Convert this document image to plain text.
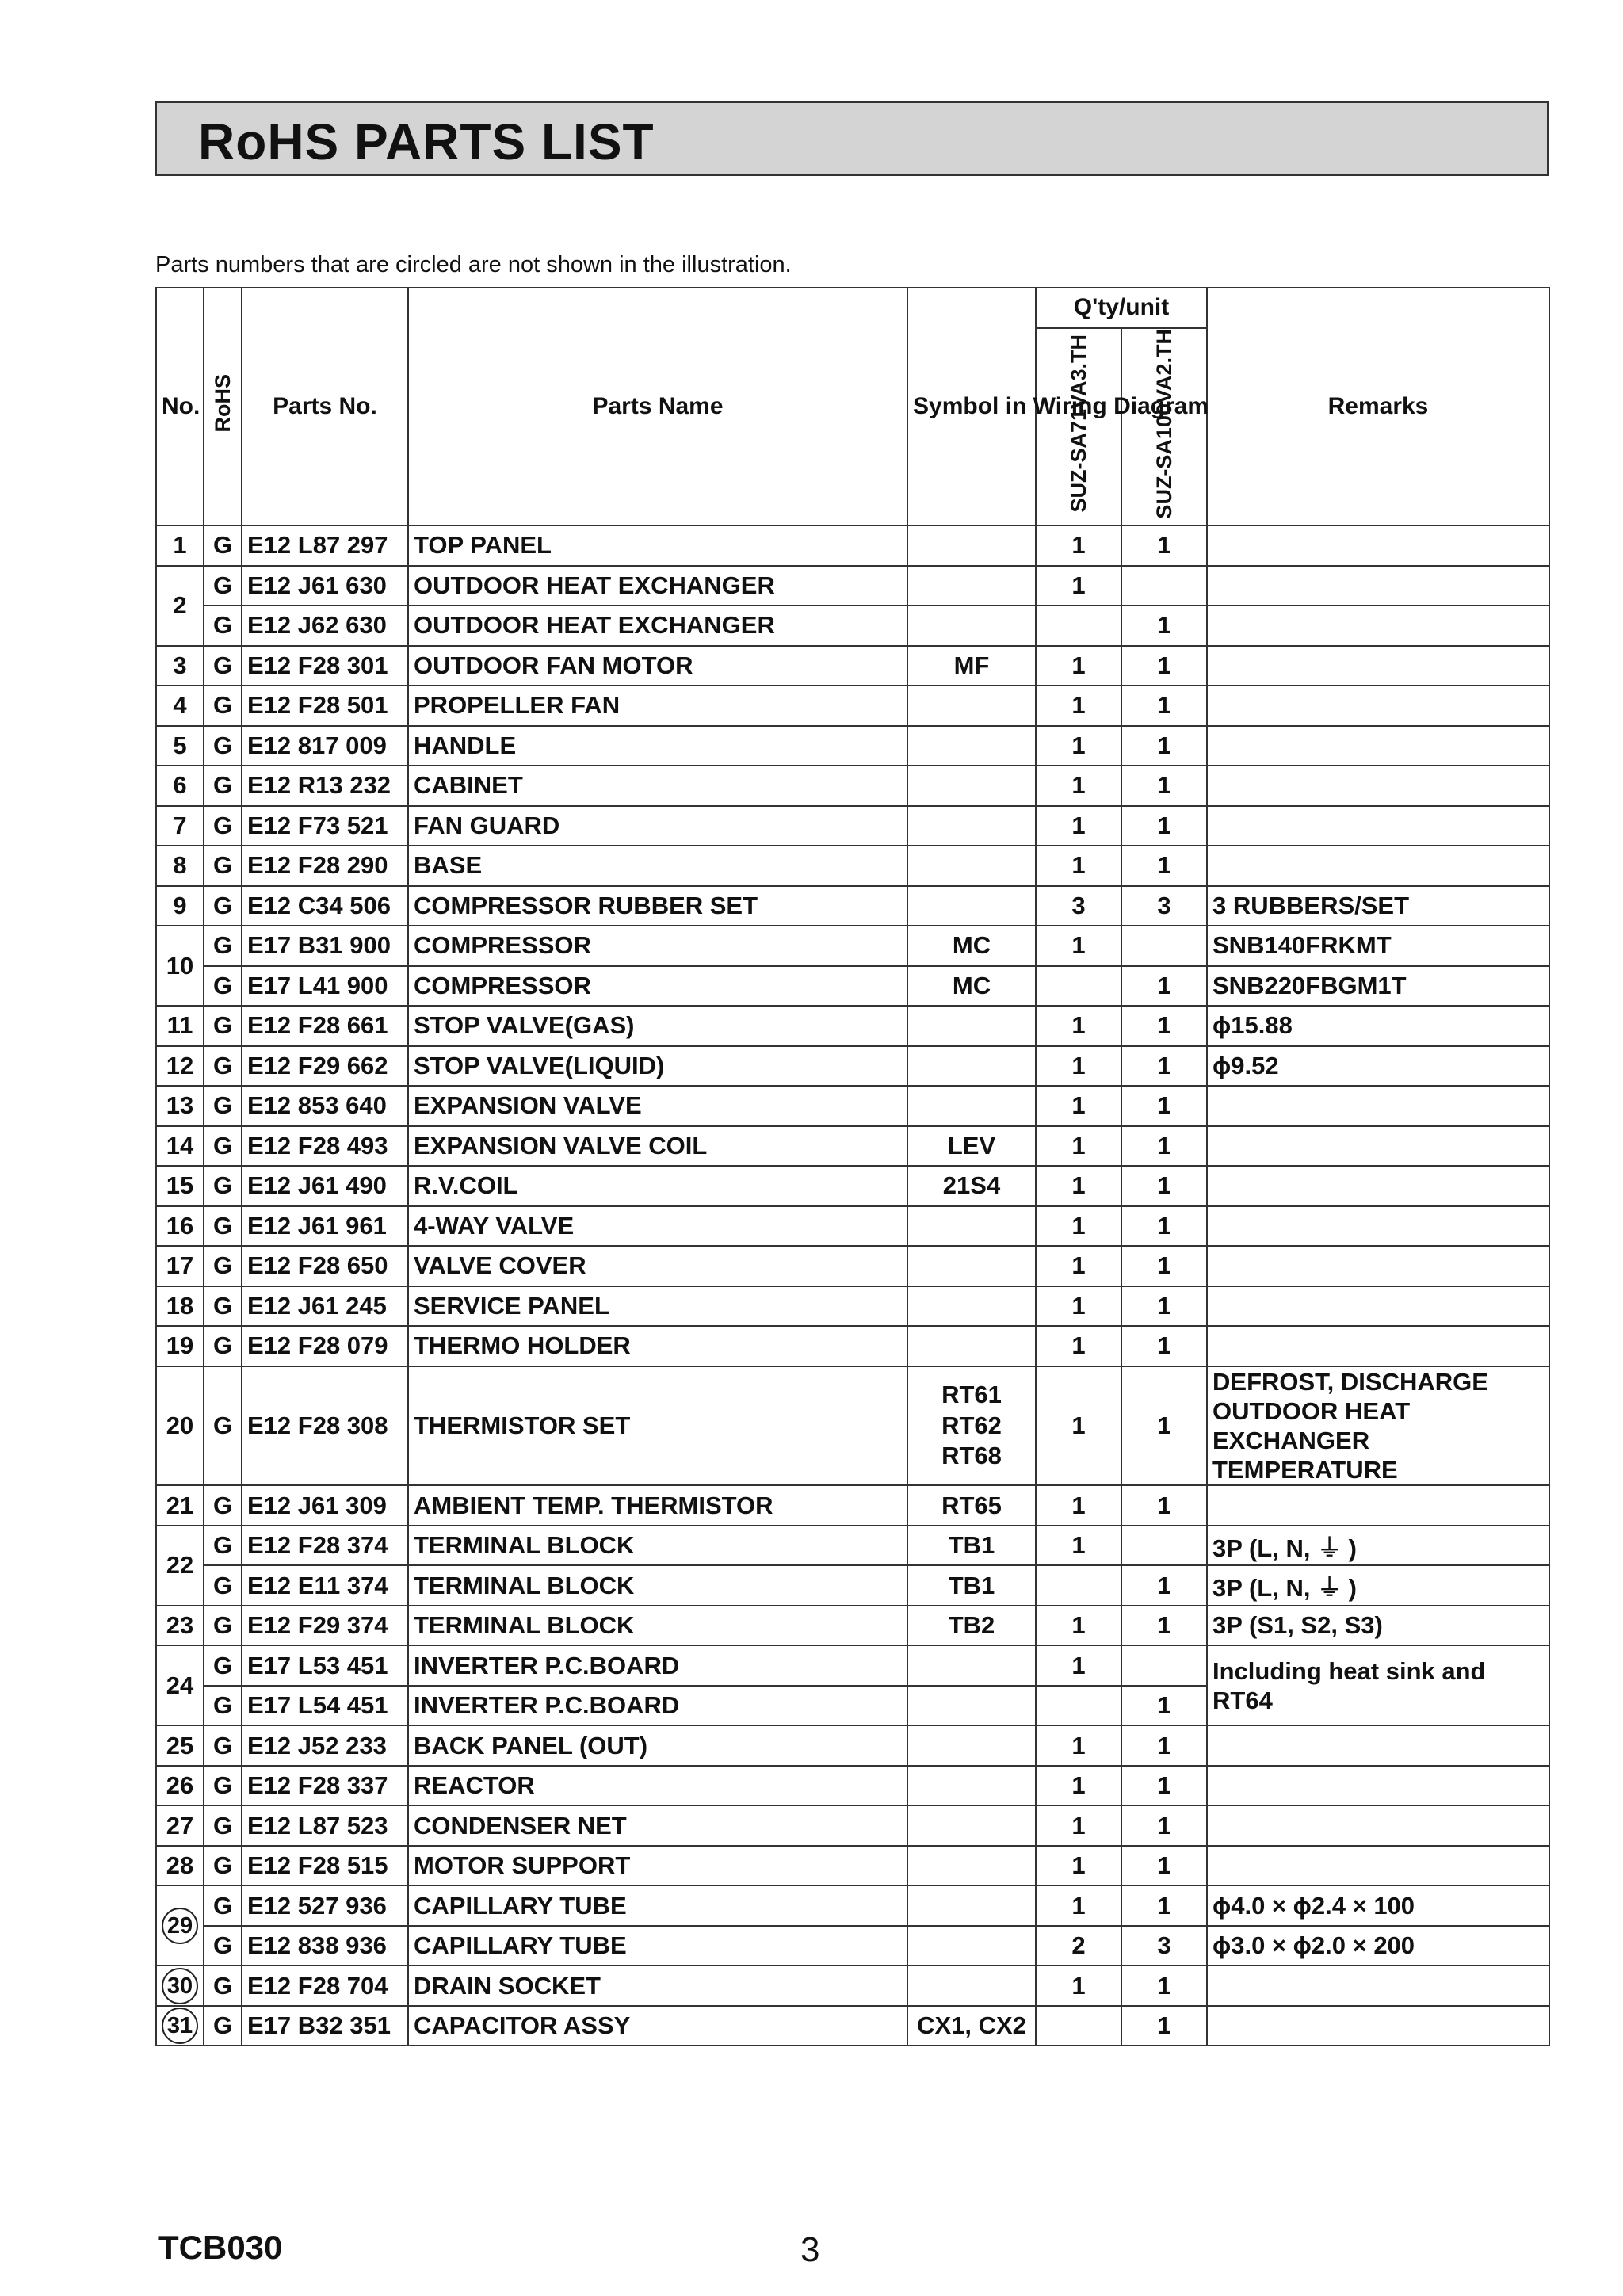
RoHS PARTS LIST
Parts numbers that are circled are not shown in the illustration.
No.	RoHS	Parts No.	Parts Name	Symbol in Wiring Diagram	Q'ty/unit		Remarks
					SUZ-SA71VA3.TH	SUZ-SA100VA2.TH	
1	G	E12 L87 297	TOP PANEL		1	1	
2	G	E12 J61 630	OUTDOOR HEAT EXCHANGER		1		
	G	E12 J62 630	OUTDOOR HEAT EXCHANGER			1	
3	G	E12 F28 301	OUTDOOR FAN MOTOR	MF	1	1	
4	G	E12 F28 501	PROPELLER FAN		1	1	
5	G	E12 817 009	HANDLE		1	1	
6	G	E12 R13 232	CABINET		1	1	
7	G	E12 F73 521	FAN GUARD		1	1	
8	G	E12 F28 290	BASE		1	1	
9	G	E12 C34 506	COMPRESSOR RUBBER SET		3	3	3 RUBBERS/SET
10	G	E17 B31 900	COMPRESSOR	MC	1		SNB140FRKMT
	G	E17 L41 900	COMPRESSOR	MC		1	SNB220FBGM1T
11	G	E12 F28 661	STOP VALVE(GAS)		1	1	ϕ15.88
12	G	E12 F29 662	STOP VALVE(LIQUID)		1	1	ϕ9.52
13	G	E12 853 640	EXPANSION VALVE		1	1	
14	G	E12 F28 493	EXPANSION VALVE COIL	LEV	1	1	
15	G	E12 J61 490	R.V.COIL	21S4	1	1	
16	G	E12 J61 961	4-WAY VALVE		1	1	
17	G	E12 F28 650	VALVE COVER		1	1	
18	G	E12 J61 245	SERVICE PANEL		1	1	
19	G	E12 F28 079	THERMO HOLDER		1	1	
20	G	E12 F28 308	THERMISTOR SET	RT61
RT62
RT68	1	1	DEFROST, DISCHARGE
OUTDOOR HEAT
EXCHANGER TEMPERATURE
21	G	E12 J61 309	AMBIENT TEMP. THERMISTOR	RT65	1	1	
22	G	E12 F28 374	TERMINAL BLOCK	TB1	1		3P (L, N, ⏚ )
	G	E12 E11 374	TERMINAL BLOCK	TB1		1	3P (L, N, ⏚ )
23	G	E12 F29 374	TERMINAL BLOCK	TB2	1	1	3P (S1, S2, S3)
24	G	E17 L53 451	INVERTER P.C.BOARD		1		Including heat sink and
RT64
	G	E17 L54 451	INVERTER P.C.BOARD			1	
25	G	E12 J52 233	BACK PANEL (OUT)		1	1	
26	G	E12 F28 337	REACTOR		1	1	
27	G	E12 L87 523	CONDENSER NET		1	1	
28	G	E12 F28 515	MOTOR SUPPORT		1	1	
29	G	E12 527 936	CAPILLARY TUBE		1	1	ϕ4.0 × ϕ2.4 × 100
	G	E12 838 936	CAPILLARY TUBE		2	3	ϕ3.0 × ϕ2.0 × 200
30	G	E12 F28 704	DRAIN SOCKET		1	1	
31	G	E17 B32 351	CAPACITOR ASSY	CX1, CX2		1	
TCB030	3
